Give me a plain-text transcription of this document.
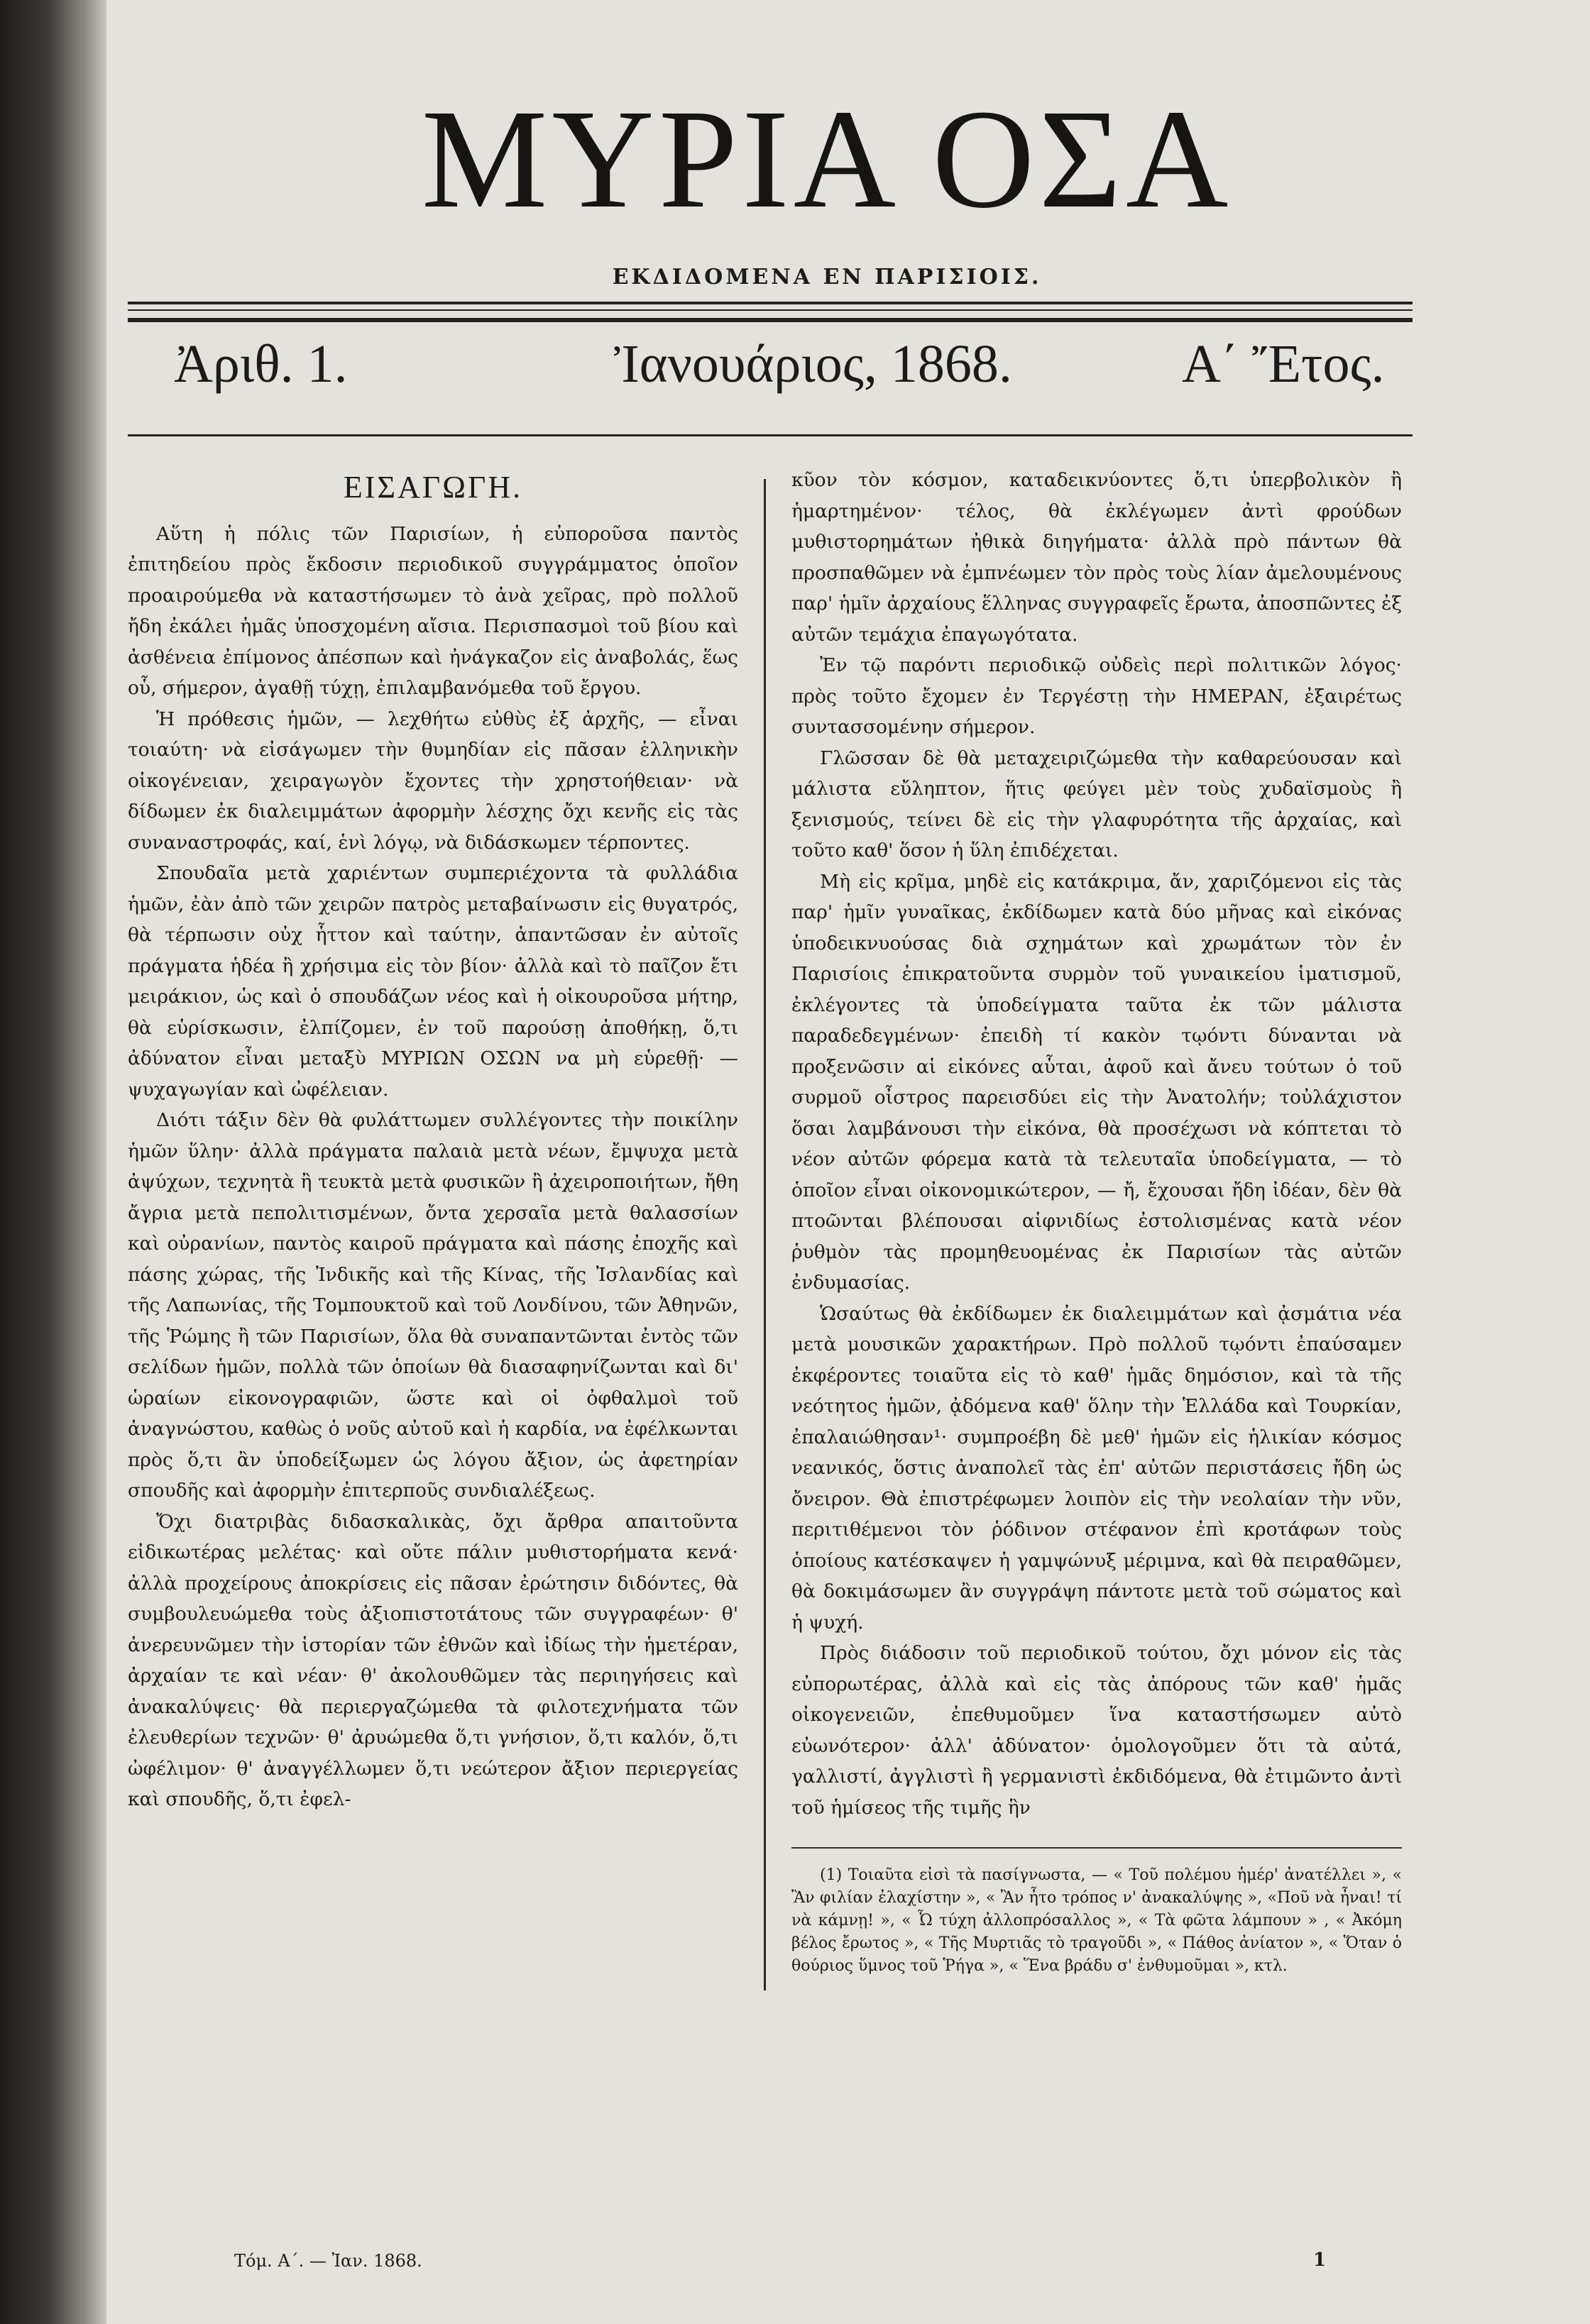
ΜΥΡΙΑ ΟΣΑ
ΕΚΔΙΔΟΜΕΝΑ ΕΝ ΠΑΡΙΣΙΟΙΣ.
Ἀριθ. 1.	Ἰανουάριος, 1868.	Α΄ Ἔτος.
ΕΙΣΑΓΩΓΗ.

Αὕτη ἡ πόλις τῶν Παρισίων, ἡ εὐποροῦσα παντὸς ἐπιτηδείου πρὸς ἔκδοσιν περιοδικοῦ συγγράμματος ὁποῖον προαιρούμεθα νὰ καταστήσωμεν τὸ ἀνὰ χεῖρας, πρὸ πολλοῦ ἤδη ἐκάλει ἡμᾶς ὑποσχομένη αἴσια. Περισπασμοὶ τοῦ βίου καὶ ἀσθένεια ἐπίμονος ἀπέσπων καὶ ἠνάγκαζον εἰς ἀναβολάς, ἕως οὗ, σήμερον, ἀγαθῇ τύχῃ, ἐπιλαμβανόμεθα τοῦ ἔργου.

Ἡ πρόθεσις ἡμῶν, — λεχθήτω εὐθὺς ἐξ ἀρχῆς, — εἶναι τοιαύτη· νὰ εἰσάγωμεν τὴν θυμηδίαν εἰς πᾶσαν ἑλληνικὴν οἰκογένειαν, χειραγωγὸν ἔχοντες τὴν χρηστοήθειαν· νὰ δίδωμεν ἐκ διαλειμμάτων ἀφορμὴν λέσχης ὄχι κενῆς εἰς τὰς συναναστροφάς, καί, ἑνὶ λόγῳ, νὰ διδάσκωμεν τέρποντες.

Σπουδαῖα μετὰ χαριέντων συμπεριέχοντα τὰ φυλλάδια ἡμῶν, ἐὰν ἀπὸ τῶν χειρῶν πατρὸς μεταβαίνωσιν εἰς θυγατρός, θὰ τέρπωσιν οὐχ ἧττον καὶ ταύτην, ἀπαντῶσαν ἐν αὐτοῖς πράγματα ἡδέα ἢ χρήσιμα εἰς τὸν βίον· ἀλλὰ καὶ τὸ παῖζον ἔτι μειράκιον, ὡς καὶ ὁ σπουδάζων νέος καὶ ἡ οἰκουροῦσα μήτηρ, θὰ εὑρίσκωσιν, ἐλπίζομεν, ἐν τοῦ παρούσῃ ἀποθήκῃ, ὅ,τι ἀδύνατον εἶναι μεταξὺ ΜΥΡΙΩΝ ΟΣΩΝ να μὴ εὑρεθῇ· — ψυχαγωγίαν καὶ ὠφέλειαν.

Διότι τάξιν δὲν θὰ φυλάττωμεν συλλέγοντες τὴν ποικίλην ἡμῶν ὕλην· ἀλλὰ πράγματα παλαιὰ μετὰ νέων, ἔμψυχα μετὰ ἀψύχων, τεχνητὰ ἢ τευκτὰ μετὰ φυσικῶν ἢ ἀχειροποιήτων, ἤθη ἄγρια μετὰ πεπολιτισμένων, ὄντα χερσαῖα μετὰ θαλασσίων καὶ οὐρανίων, παντὸς καιροῦ πράγματα καὶ πάσης ἐποχῆς καὶ πάσης χώρας, τῆς Ἰνδικῆς καὶ τῆς Κίνας, τῆς Ἰσλανδίας καὶ τῆς Λαπωνίας, τῆς Τομπουκτοῦ καὶ τοῦ Λονδίνου, τῶν Ἀθηνῶν, τῆς Ῥώμης ἢ τῶν Παρισίων, ὅλα θὰ συναπαντῶνται ἐντὸς τῶν σελίδων ἡμῶν, πολλὰ τῶν ὁποίων θὰ διασαφηνίζωνται καὶ δι' ὡραίων εἰκονογραφιῶν, ὥστε καὶ οἱ ὀφθαλμοὶ τοῦ ἀναγνώστου, καθὼς ὁ νοῦς αὐτοῦ καὶ ἡ καρδία, να ἐφέλκωνται πρὸς ὅ,τι ἂν ὑποδείξωμεν ὡς λόγου ἄξιον, ὡς ἀφετηρίαν σπουδῆς καὶ ἀφορμὴν ἐπιτερποῦς συνδιαλέξεως.

Ὄχι διατριβὰς διδασκαλικὰς, ὄχι ἄρθρα απαιτοῦντα εἰδικωτέρας μελέτας· καὶ οὔτε πάλιν μυθιστορήματα κενά· ἀλλὰ προχείρους ἀποκρίσεις εἰς πᾶσαν ἐρώτησιν διδόντες, θὰ συμβουλευώμεθα τοὺς ἀξιοπιστοτάτους τῶν συγγραφέων· θ' ἀνερευνῶμεν τὴν ἱστορίαν τῶν ἐθνῶν καὶ ἰδίως τὴν ἡμετέραν, ἀρχαίαν τε καὶ νέαν· θ' ἀκολουθῶμεν τὰς περιηγήσεις καὶ ἀνακαλύψεις· θὰ περιεργαζώμεθα τὰ φιλοτεχνήματα τῶν ἐλευθερίων τεχνῶν· θ' ἀρυώμεθα ὅ,τι γνήσιον, ὅ,τι καλόν, ὅ,τι ὠφέλιμον· θ' ἀναγγέλλωμεν ὅ,τι νεώτερον ἄξιον περιεργείας καὶ σπουδῆς, ὅ,τι ἐφελ-

Τόμ. Α΄. — Ἰαν. 1868.

κῦον τὸν κόσμον, καταδεικνύοντες ὅ,τι ὑπερβολικὸν ἢ ἡμαρτημένον· τέλος, θὰ ἐκλέγωμεν ἀντὶ φρούδων μυθιστορημάτων ἠθικὰ διηγήματα· ἀλλὰ πρὸ πάντων θὰ προσπαθῶμεν νὰ ἐμπνέωμεν τὸν πρὸς τοὺς λίαν ἀμελουμένους παρ' ἡμῖν ἀρχαίους ἕλληνας συγγραφεῖς ἔρωτα, ἀποσπῶντες ἐξ αὐτῶν τεμάχια ἐπαγωγότατα.

Ἐν τῷ παρόντι περιοδικῷ οὐδεὶς περὶ πολιτικῶν λόγος· πρὸς τοῦτο ἔχομεν ἐν Τεργέστῃ τὴν ΗΜΕΡΑΝ, ἐξαιρέτως συντασσομένην σήμερον.

Γλῶσσαν δὲ θὰ μεταχειριζώμεθα τὴν καθαρεύουσαν καὶ μάλιστα εὔληπτον, ἥτις φεύγει μὲν τοὺς χυδαϊσμοὺς ἢ ξενισμούς, τείνει δὲ εἰς τὴν γλαφυρότητα τῆς ἀρχαίας, καὶ τοῦτο καθ' ὅσον ἡ ὕλη ἐπιδέχεται.

Μὴ εἰς κρῖμα, μηδὲ εἰς κατάκριμα, ἄν, χαριζόμενοι εἰς τὰς παρ' ἡμῖν γυναῖκας, ἐκδίδωμεν κατὰ δύο μῆνας καὶ εἰκόνας ὑποδεικνυούσας διὰ σχημάτων καὶ χρωμάτων τὸν ἐν Παρισίοις ἐπικρατοῦντα συρμὸν τοῦ γυναικείου ἱματισμοῦ, ἐκλέγοντες τὰ ὑποδείγματα ταῦτα ἐκ τῶν μάλιστα παραδεδεγμένων· ἐπειδὴ τί κακὸν τῳόντι δύνανται νὰ προξενῶσιν αἱ εἰκόνες αὗται, ἀφοῦ καὶ ἄνευ τούτων ὁ τοῦ συρμοῦ οἶστρος παρεισδύει εἰς τὴν Ἀνατολήν; τοὐλάχιστον ὅσαι λαμβάνουσι τὴν εἰκόνα, θὰ προσέχωσι νὰ κόπτεται τὸ νέον αὐτῶν φόρεμα κατὰ τὰ τελευταῖα ὑποδείγματα, — τὸ ὁποῖον εἶναι οἰκονομικώτερον, — ἤ, ἔχουσαι ἤδη ἰδέαν, δὲν θὰ πτοῶνται βλέπουσαι αἰφνιδίως ἐστολισμένας κατὰ νέον ῥυθμὸν τὰς προμηθευομένας ἐκ Παρισίων τὰς αὐτῶν ἐνδυμασίας.

Ὡσαύτως θὰ ἐκδίδωμεν ἐκ διαλειμμάτων καὶ ᾀσμάτια νέα μετὰ μουσικῶν χαρακτήρων. Πρὸ πολλοῦ τῳόντι ἐπαύσαμεν ἐκφέροντες τοιαῦτα εἰς τὸ καθ' ἡμᾶς δημόσιον, καὶ τὰ τῆς νεότητος ἡμῶν, ᾀδόμενα καθ' ὅλην τὴν Ἑλλάδα καὶ Τουρκίαν, ἐπαλαιώθησαν¹· συμπροέβη δὲ μεθ' ἡμῶν εἰς ἡλικίαν κόσμος νεανικός, ὅστις ἀναπολεῖ τὰς ἐπ' αὐτῶν περιστάσεις ἤδη ὡς ὄνειρον. Θὰ ἐπιστρέφωμεν λοιπὸν εἰς τὴν νεολαίαν τὴν νῦν, περιτιθέμενοι τὸν ῥόδινον στέφανον ἐπὶ κροτάφων τοὺς ὁποίους κατέσκαψεν ἡ γαμψώνυξ μέριμνα, καὶ θὰ πειραθῶμεν, θὰ δοκιμάσωμεν ἂν συγγράψη πάντοτε μετὰ τοῦ σώματος καὶ ἡ ψυχή.

Πρὸς διάδοσιν τοῦ περιοδικοῦ τούτου, ὄχι μόνον εἰς τὰς εὐπορωτέρας, ἀλλὰ καὶ εἰς τὰς ἀπόρους τῶν καθ' ἡμᾶς οἰκογενειῶν, ἐπεθυμοῦμεν ἵνα καταστήσωμεν αὐτὸ εὐωνότερον· ἀλλ' ἀδύνατον· ὁμολογοῦμεν ὅτι τὰ αὐτά, γαλλιστί, ἀγγλιστὶ ἢ γερμανιστὶ ἐκδιδόμενα, θὰ ἐτιμῶντο ἀντὶ τοῦ ἡμίσεος τῆς τιμῆς ἣν

(1) Τοιαῦτα εἰσὶ τὰ πασίγνωστα, — « Τοῦ πολέμου ἡμέρ' ἀνατέλλει », « Ἂν φιλίαν ἐλαχίστην », « Ἂν ἦτο τρόπος ν' ἀνακαλύψης », «Ποῦ νὰ ἦναι! τί νὰ κάμνῃ! », « Ὦ τύχη ἀλλοπρόσαλλος », « Τὰ φῶτα λάμπουν » , « Ἀκόμη βέλος ἔρωτος », « Τῆς Μυρτιᾶς τὸ τραγοῦδι », « Πάθος ἀνίατον », « Ὅταν ὁ θούριος ὕμνος τοῦ Ῥήγα », « Ἕνα βράδυ σ' ἐνθυμοῦμαι », κτλ.
1
